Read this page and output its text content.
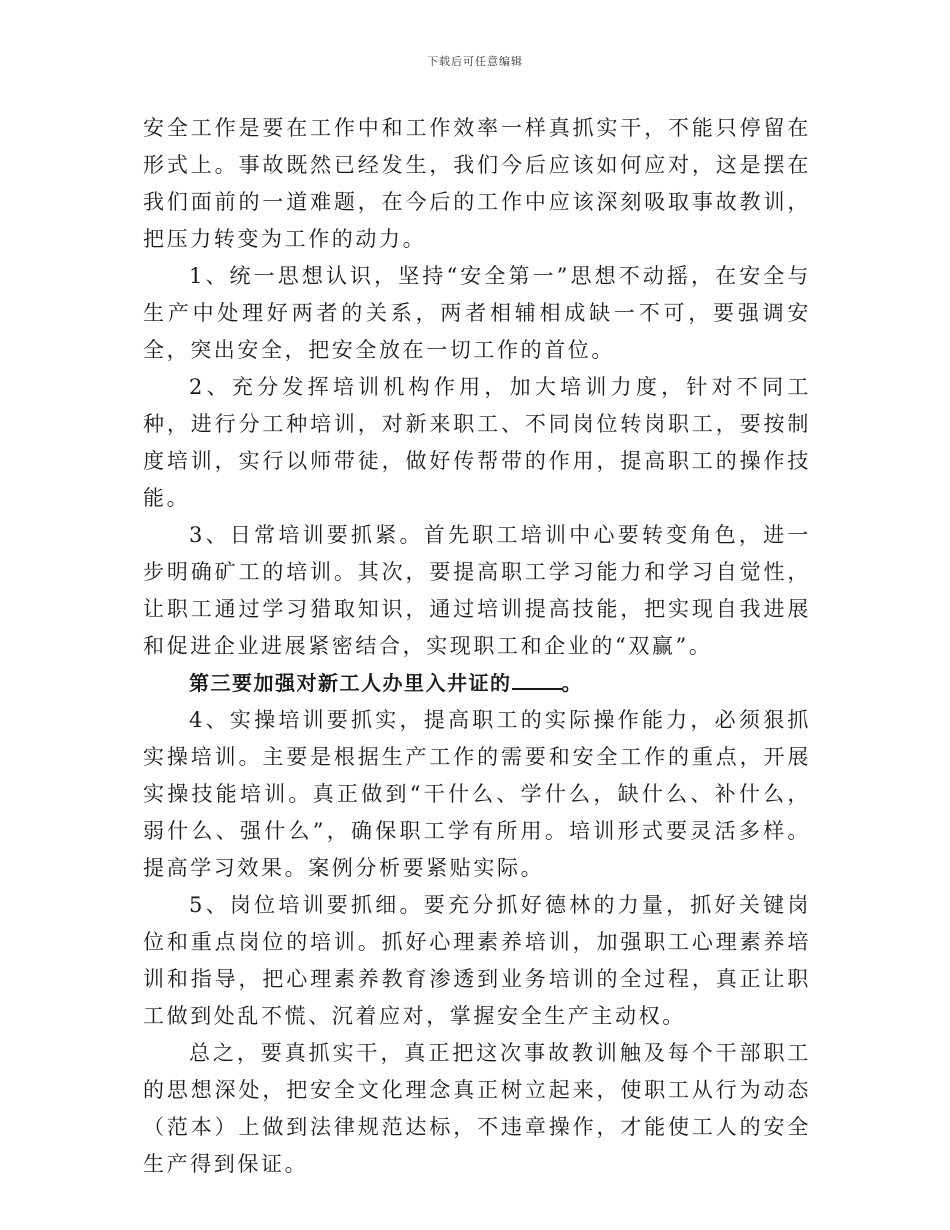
下载后可任意编辑

安全工作是要在工作中和工作效率一样真抓实干，不能只停留在形式上。事故既然已经发生，我们今后应该如何应对，这是摆在我们面前的一道难题，在今后的工作中应该深刻吸取事故教训，把压力转变为工作的动力。

1、统一思想认识，坚持“安全第一”思想不动摇，在安全与生产中处理好两者的关系，两者相辅相成缺一不可，要强调安全，突出安全，把安全放在一切工作的首位。

2、充分发挥培训机构作用，加大培训力度，针对不同工种，进行分工种培训，对新来职工、不同岗位转岗职工，要按制度培训，实行以师带徒，做好传帮带的作用，提高职工的操作技能。

3、日常培训要抓紧。首先职工培训中心要转变角色，进一步明确矿工的培训。其次，要提高职工学习能力和学习自觉性，让职工通过学习猎取知识，通过培训提高技能，把实现自我进展和促进企业进展紧密结合，实现职工和企业的“双赢”。

第三要加强对新工人办里入井证的	。

4、实操培训要抓实，提高职工的实际操作能力，必须狠抓实操培训。主要是根据生产工作的需要和安全工作的重点，开展实操技能培训。真正做到“干什么、学什么，缺什么、补什么，弱什么、强什么”，确保职工学有所用。培训形式要灵活多样。提高学习效果。案例分析要紧贴实际。

5、岗位培训要抓细。要充分抓好德林的力量，抓好关键岗位和重点岗位的培训。抓好心理素养培训，加强职工心理素养培训和指导，把心理素养教育渗透到业务培训的全过程，真正让职工做到处乱不慌、沉着应对，掌握安全生产主动权。

总之，要真抓实干，真正把这次事故教训触及每个干部职工的思想深处，把安全文化理念真正树立起来，使职工从行为动态（范本）上做到法律规范达标，不违章操作，才能使工人的安全生产得到保证。
